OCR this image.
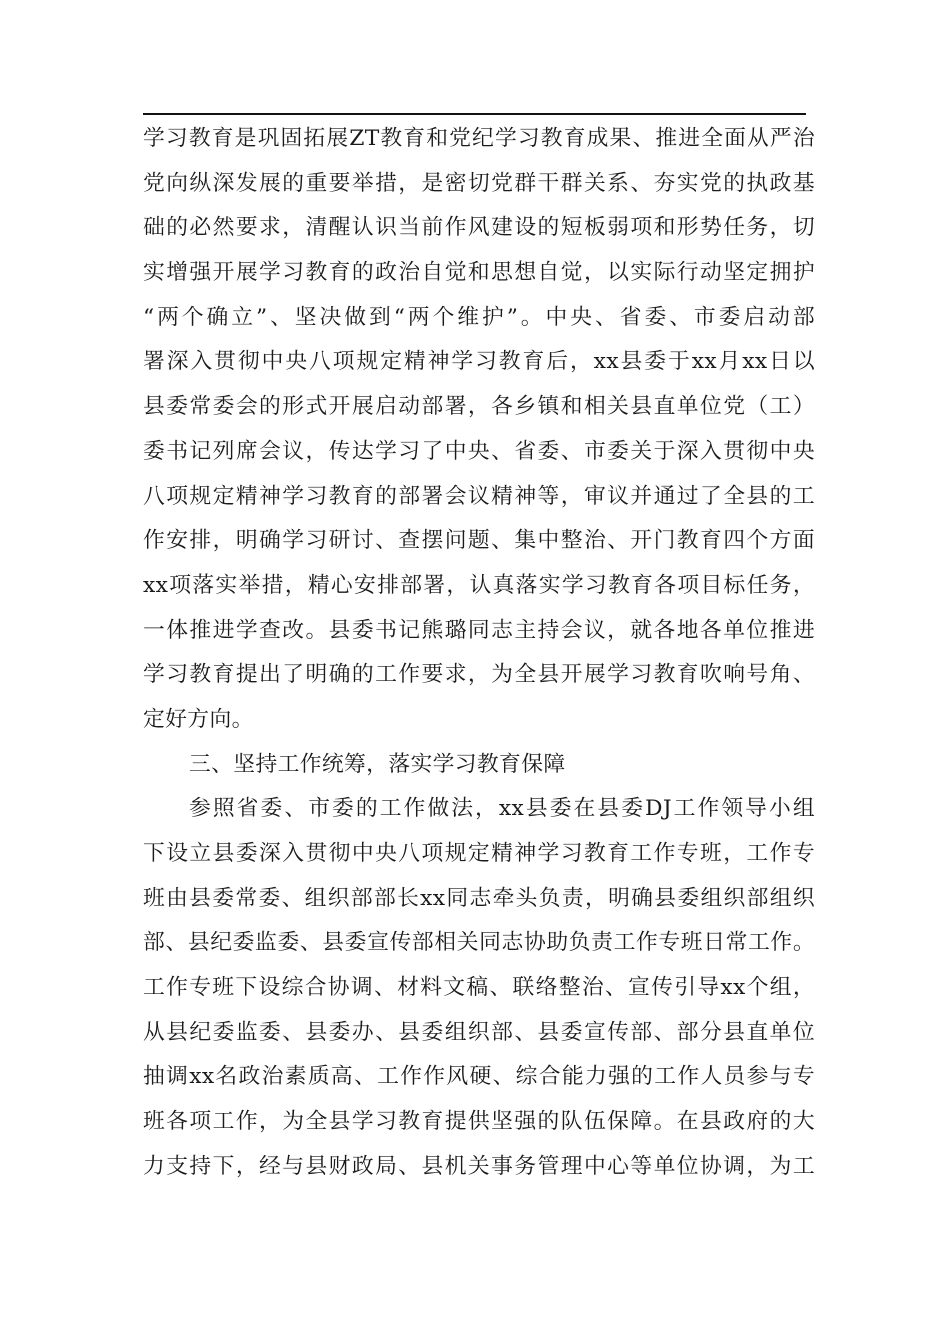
学习教育是巩固拓展ZT教育和党纪学习教育成果、推进全面从严治
党向纵深发展的重要举措，是密切党群干群关系、夯实党的执政基
础的必然要求，清醒认识当前作风建设的短板弱项和形势任务，切
实增强开展学习教育的政治自觉和思想自觉，以实际行动坚定拥护
“两个确立”、坚决做到“两个维护”。中央、省委、市委启动部
署深入贯彻中央八项规定精神学习教育后，xx县委于xx月xx日以
县委常委会的形式开展启动部署，各乡镇和相关县直单位党（工）
委书记列席会议，传达学习了中央、省委、市委关于深入贯彻中央
八项规定精神学习教育的部署会议精神等，审议并通过了全县的工
作安排，明确学习研讨、查摆问题、集中整治、开门教育四个方面
xx项落实举措，精心安排部署，认真落实学习教育各项目标任务，
一体推进学查改。县委书记熊璐同志主持会议，就各地各单位推进
学习教育提出了明确的工作要求，为全县开展学习教育吹响号角、
定好方向。
三、坚持工作统筹，落实学习教育保障
参照省委、市委的工作做法，xx县委在县委DJ工作领导小组
下设立县委深入贯彻中央八项规定精神学习教育工作专班，工作专
班由县委常委、组织部部长xx同志牵头负责，明确县委组织部组织
部、县纪委监委、县委宣传部相关同志协助负责工作专班日常工作。
工作专班下设综合协调、材料文稿、联络整治、宣传引导xx个组，
从县纪委监委、县委办、县委组织部、县委宣传部、部分县直单位
抽调xx名政治素质高、工作作风硬、综合能力强的工作人员参与专
班各项工作，为全县学习教育提供坚强的队伍保障。在县政府的大
力支持下，经与县财政局、县机关事务管理中心等单位协调，为工
